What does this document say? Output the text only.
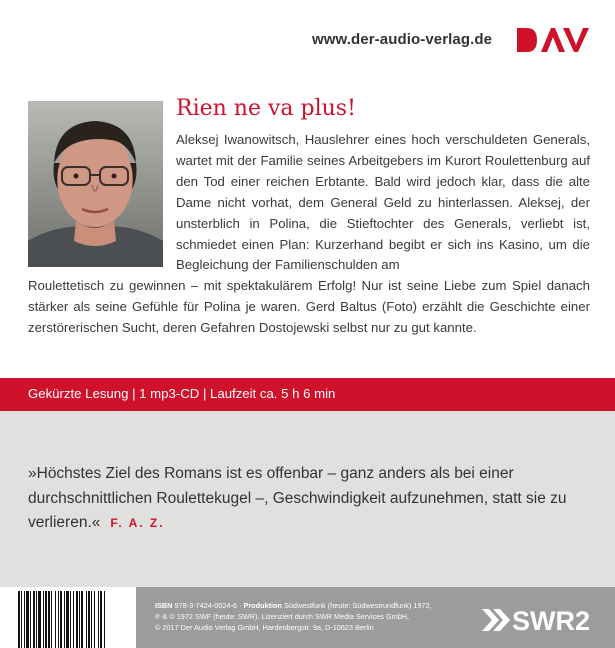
www.der-audio-verlag.de
Rien ne va plus!

Aleksej Iwanowitsch, Hauslehrer eines hoch verschuldeten Generals, wartet mit der Familie seines Arbeitgebers im Kurort Roulettenburg auf den Tod einer reichen Erbtante. Bald wird jedoch klar, dass die alte Dame nicht vorhat, dem General Geld zu hinterlassen. Aleksej, der unsterblich in Polina, die Stieftochter des Generals, verliebt ist, schmiedet einen Plan: Kurzerhand begibt er sich ins Kasino, um die Begleichung der Familienschulden am

Roulettetisch zu gewinnen – mit spektakulärem Erfolg! Nur ist seine Liebe zum Spiel danach stärker als seine Gefühle für Polina je waren. Gerd Baltus (Foto) erzählt die Geschichte einer zerstörerischen Sucht, deren Gefahren Dostojewski selbst nur zu gut kannte.

Gekürzte Lesung | 1 mp3-CD | Laufzeit ca. 5 h 6 min

»Höchstes Ziel des Romans ist es offenbar – ganz anders als bei einer durchschnittlichen Roulettekugel –, Geschwindigkeit aufzunehmen, statt sie zu verlieren.« F. A. Z.

ISBN 978-3-7424-0024-6 · Produktion Südwestfunk (heute: Südwestrundfunk) 1972,
℗ & © 1972 SWF (heute: SWR). Lizenziert durch SWR Media Services GmbH,
© 2017 Der Audio Verlag GmbH, Hardenbergstr. 9a, D-10623 Berlin	SWR2
